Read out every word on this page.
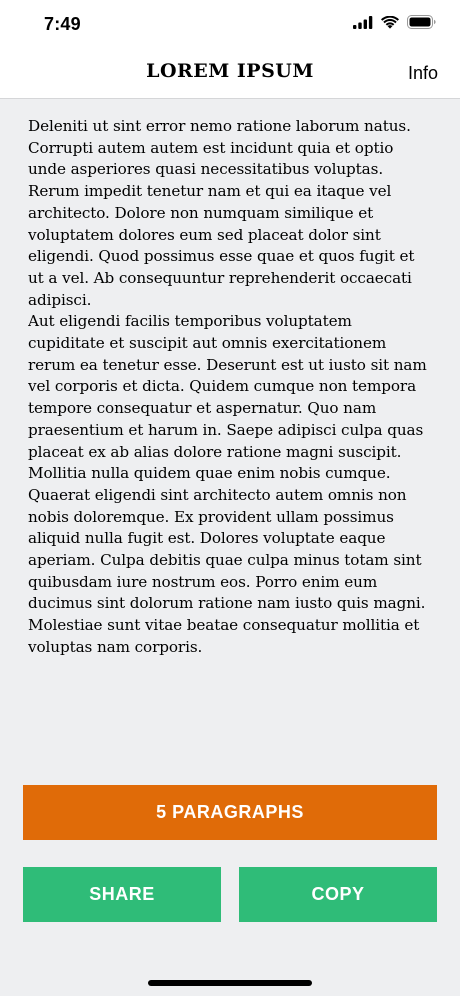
7:49
LOREM IPSUM	Info

Deleniti ut sint error nemo ratione laborum natus. Corrupti autem autem est incidunt quia et optio unde asperiores quasi necessitatibus voluptas. Rerum impedit tenetur nam et qui ea itaque vel architecto. Dolore non numquam similique et voluptatem dolores eum sed placeat dolor sint eligendi. Quod possimus esse quae et quos fugit et ut a vel. Ab consequuntur reprehenderit occaecati adipisci.

Aut eligendi facilis temporibus voluptatem cupiditate et suscipit aut omnis exercitationem rerum ea tenetur esse. Deserunt est ut iusto sit nam vel corporis et dicta. Quidem cumque non tempora tempore consequatur et aspernatur. Quo nam praesentium et harum in. Saepe adipisci culpa quas placeat ex ab alias dolore ratione magni suscipit.

Mollitia nulla quidem quae enim nobis cumque. Quaerat eligendi sint architecto autem omnis non nobis doloremque. Ex provident ullam possimus aliquid nulla fugit est. Dolores voluptate eaque aperiam. Culpa debitis quae culpa minus totam sint quibusdam iure nostrum eos. Porro enim eum ducimus sint dolorum ratione nam iusto quis magni. Molestiae sunt vitae beatae consequatur mollitia et voluptas nam corporis.

5 PARAGRAPHS
SHARE	COPY
